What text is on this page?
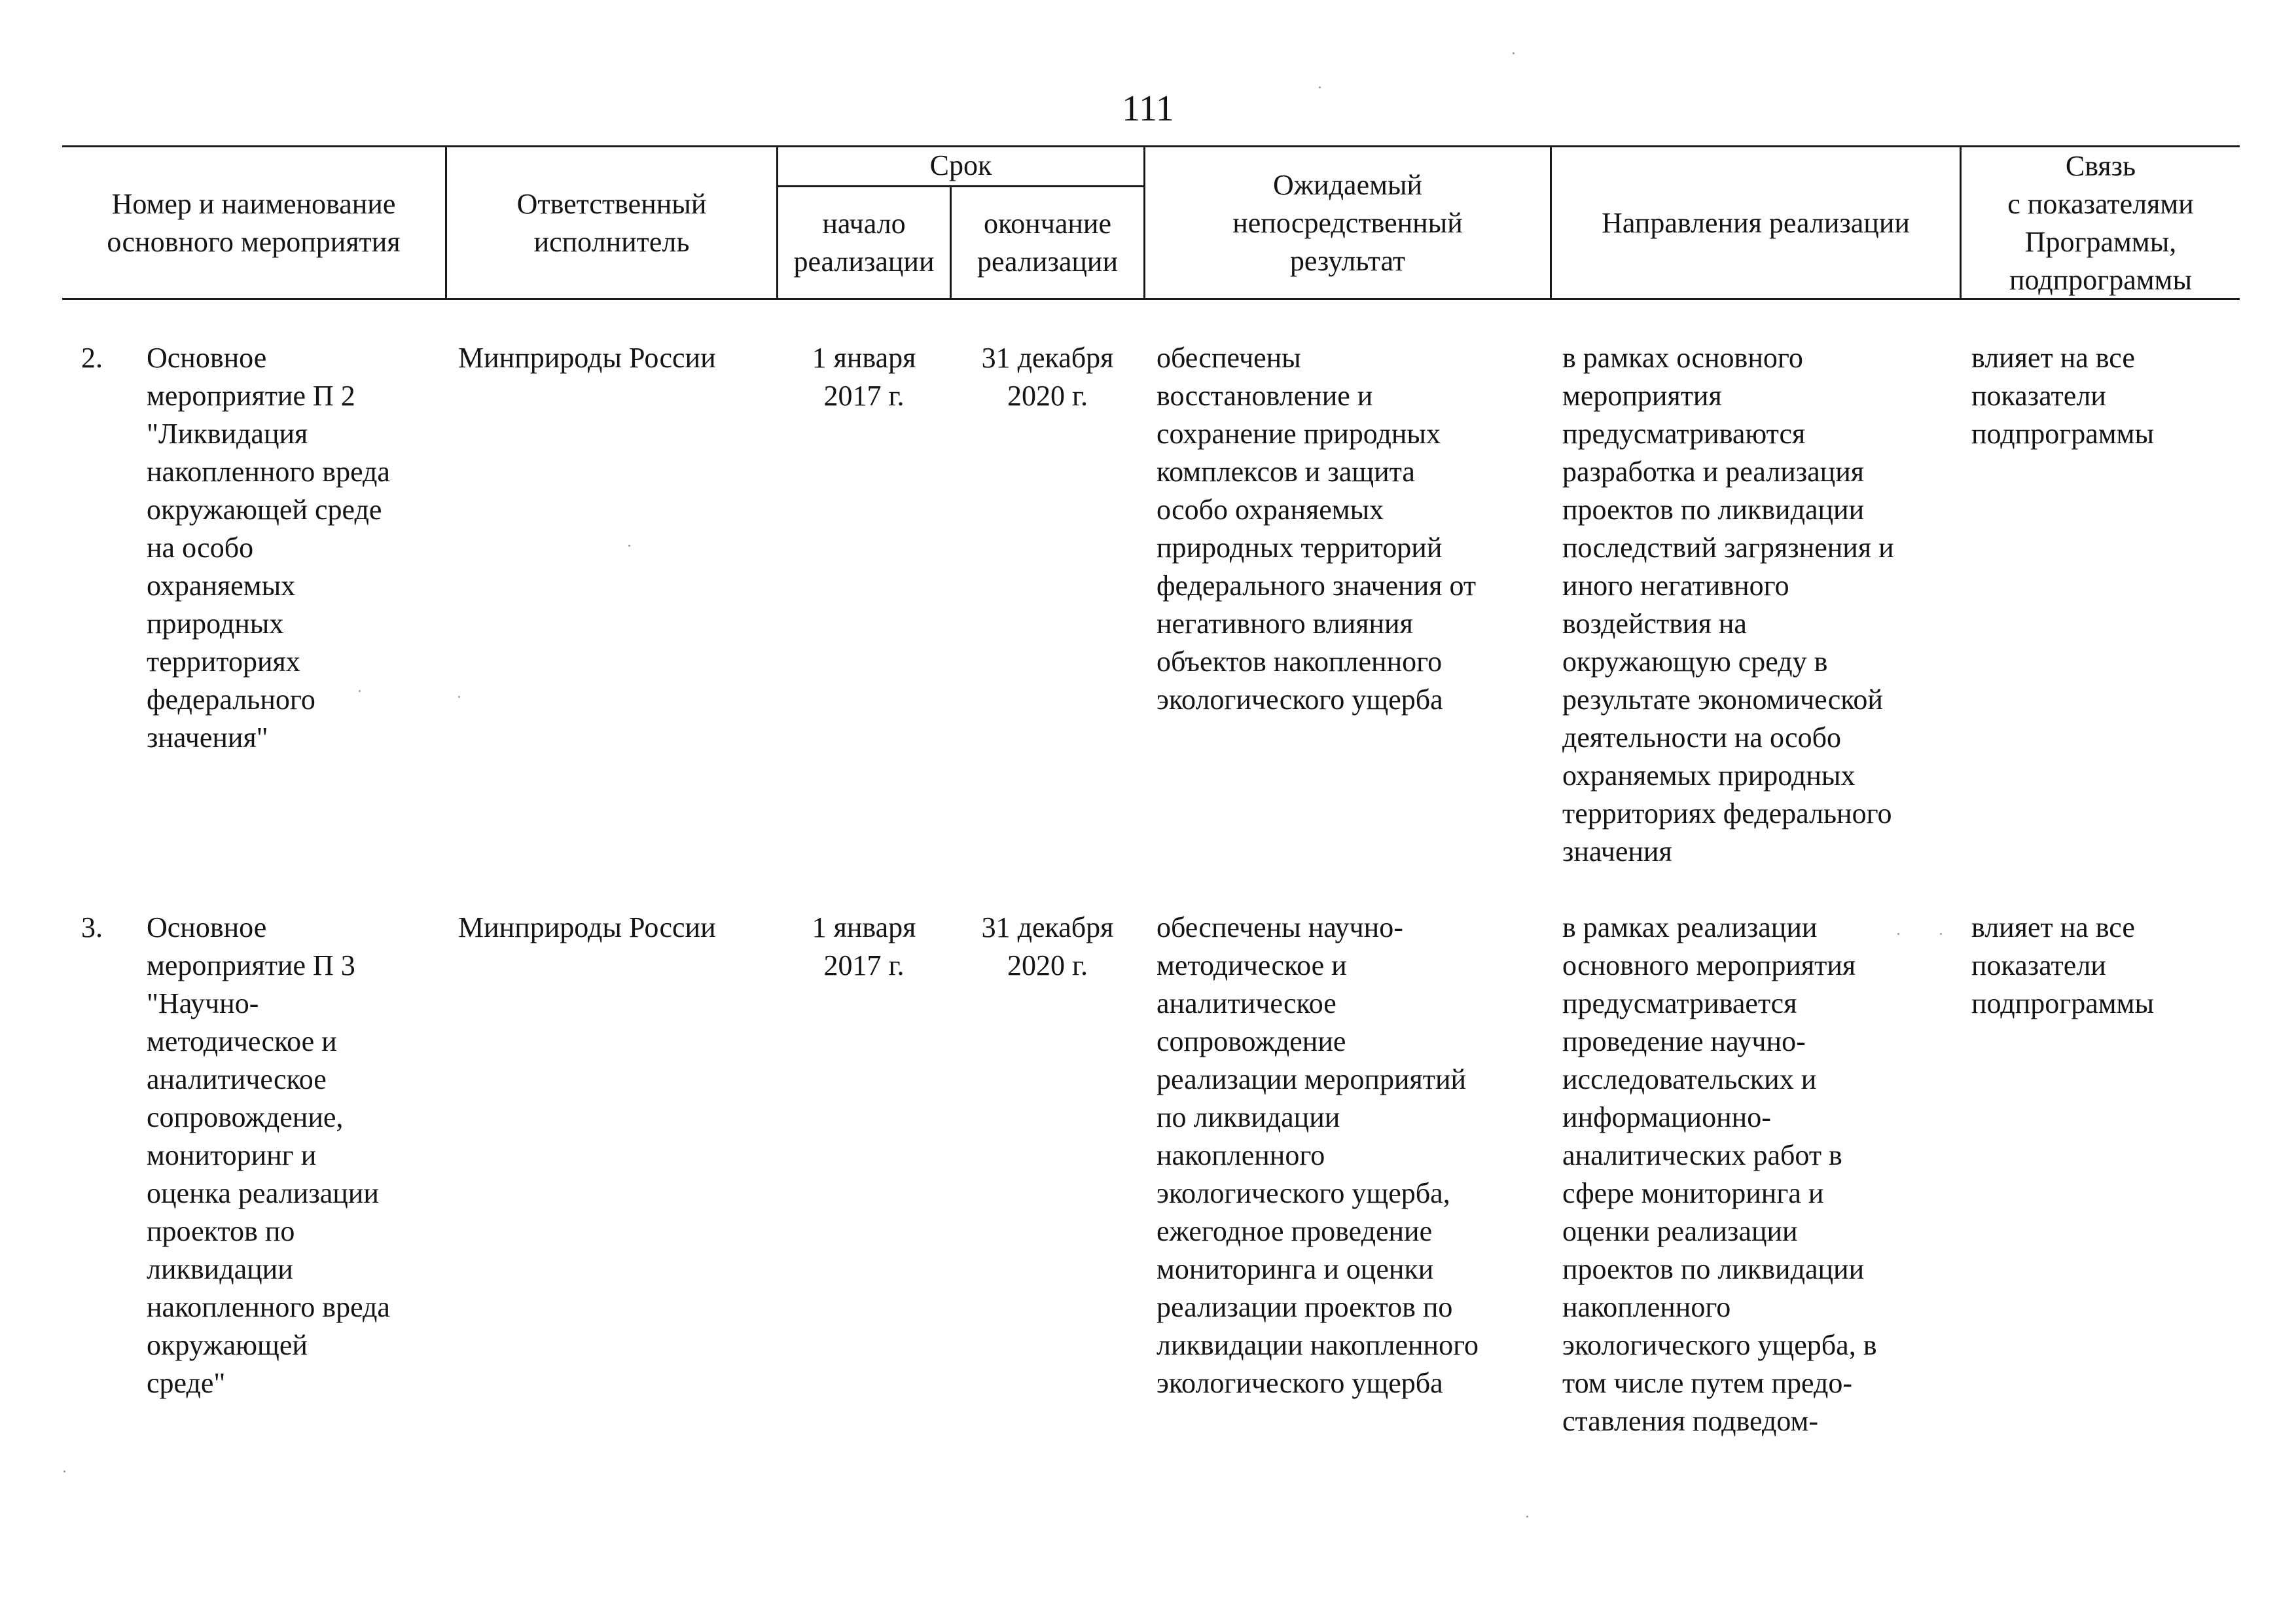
111
Номер и наименование
основного мероприятия
Ответственный
исполнитель
Срок
начало
реализации
окончание
реализации
Ожидаемый
непосредственный
результат
Направления реализации
Связь
с показателями
Программы,
подпрограммы
2. Основное
мероприятие П 2
"Ликвидация
накопленного вреда
окружающей среде
на особо
охраняемых
природных
территориях
федерального
значения"
Минприроды России	1 января
2017 г.
31 декабря
2020 г.
обеспечены
восстановление и
сохранение природных
комплексов и защита
особо охраняемых
природных территорий
федерального значения от
негативного влияния
объектов накопленного
экологического ущерба
в рамках основного
мероприятия
предусматриваются
разработка и реализация
проектов по ликвидации
последствий загрязнения и
иного негативного
воздействия на
окружающую среду в
результате экономической
деятельности на особо
охраняемых природных
территориях федерального
значения
влияет на все
показатели
подпрограммы
3. Основное
мероприятие П 3
"Научно-
методическое и
аналитическое
сопровождение,
мониторинг и
оценка реализации
проектов по
ликвидации
накопленного вреда
окружающей
среде"
Минприроды России	1 января
2017 г.
31 декабря
2020 г.
обеспечены научно-
методическое и
аналитическое
сопровождение
реализации мероприятий
по ликвидации
накопленного
экологического ущерба,
ежегодное проведение
мониторинга и оценки
реализации проектов по
ликвидации накопленного
экологического ущерба
в рамках реализации
основного мероприятия
предусматривается
проведение научно-
исследовательских и
информационно-
аналитических работ в
сфере мониторинга и
оценки реализации
проектов по ликвидации
накопленного
экологического ущерба, в
том числе путем предо-
ставления подведом-
влияет на все
показатели
подпрограммы
